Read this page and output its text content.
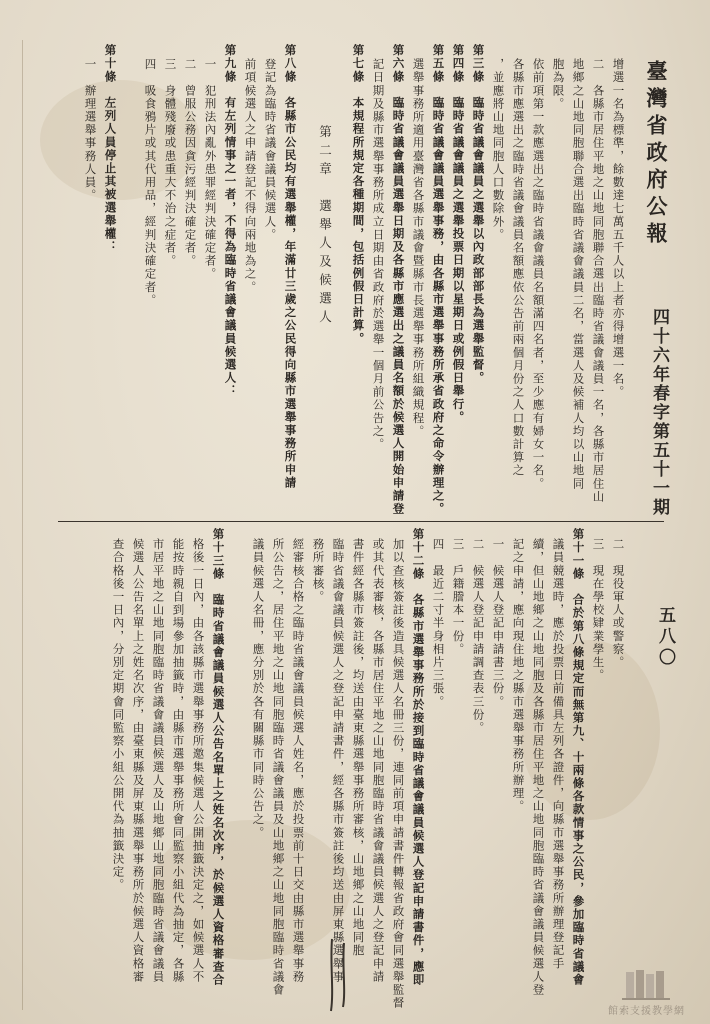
臺灣省政府公報
四十六年春字第五十一期
五八〇
增選一名為標準，餘數達七萬五千人以上者亦得增選一名。
二　各縣市居住平地之山地同胞聯合選出臨時省議會議員一名，各縣市居住山
地鄉之山地同胞聯合選出臨時省議會議員二名，當選人及候補人均以山地同
胞為限。
依前項第一款應選出之臨時省議會議員名額滿四名者，至少應有婦女一名。
各縣市應選出之臨時省議會議員名額應依公告前兩個月份之人口數計算之
，並應將山地同胞人口數除外。
第三條　臨時省議會議員之選舉以內政部部長為選舉監督。
第四條　臨時省議會議員之選舉投票日期以星期日或例假日舉行。
第五條　臨時省議會議員選舉事務，由各縣市選舉事務所承省政府之命令辦理之。
選舉事務所適用臺灣省各縣市議會暨縣市長選舉事務所組織規程。
第六條　臨時省議會議員選舉日期及各縣市應選出之議員名額於候選人開始申請登
記日期及縣市選舉事務所成立日期由省政府於選舉一個月前公告之。
第七條　本規程所規定各種期間，包括例假日計算。
第二章　選舉人及候選人
第八條　各縣市公民均有選舉權，年滿廿三歲之公民得向縣市選舉事務所申請
登記為臨時省議會議員候選人。
前項候選人之申請登記不得向兩地為之。
第九條　有左列情事之一者，不得為臨時省議會議員候選人：
一　犯刑法內亂外患罪經判決確定者。
二　曾服公務因貪污經判決確定者。
三　身體殘廢或患重大不治之症者。
四　吸食鴉片或其代用品，經判決確定者。
第十條　左列人員停止其被選舉權：
一　辦理選舉事務人員。
二　現役軍人或警察。
三　現在學校肄業學生。
第十一條　合於第八條規定而無第九、十兩條各款情事之公民，參加臨時省議會
議員競選時，應於投票日前備具左列各證件，向縣市選舉事務所辦理登記手
續，但山地鄉之山地同胞及各縣市居住平地之山地同胞臨時省議會議員候選人登
記之申請，應向現住地之縣市選舉事務所辦理。
一　候選人登記申請書三份。
二　候選人登記申請調查表三份。
三　戶籍謄本一份。
四　最近二寸半身相片三張。
第十二條　各縣市選舉事務所於接到臨時省議會議員候選人登記申請書件，應即
加以查核簽註後造具候選人名冊三份，連同前項申請書件轉報省政府會同選舉監督
或其代表審核，各縣市居住平地之山地同胞臨時省議會議員候選人之登記申請
書件經各縣市簽註後，均送由臺東縣選舉事務所審核，山地鄉之山地同胞
臨時省議會議員候選人之登記申請書件，經各縣市簽註後均送由屏東縣選舉事
務所審核。
經審核合格之臨時省議會議員候選人姓名，應於投票前十日交由縣市選舉事務
所公告之，居住平地之山地同胞臨時省議會議員及山地鄉之山地同胞臨時省議會
議員候選人名冊，應分別於各有關縣市同時公告之。
第十三條　臨時省議會議員候選人公告名單上之姓名次序，於候選人資格審查合
格後一日內，由各該縣市選舉事務所邀集候選人公開抽籤決定之，如候選人不
能按時親自到場參加抽籤時，由縣市選舉事務所會同監察小組代為抽定，各縣
市居平地之山地同胞臨時省議會議員候選人及山地鄉山地同胞臨時省議會議員
候選人公告名單上之姓名次序，由臺東縣及屏東縣選舉事務所於候選人資格審
查合格後一日內，分別定期會同監察小組公開代為抽籤決定。
館索支援教學網
